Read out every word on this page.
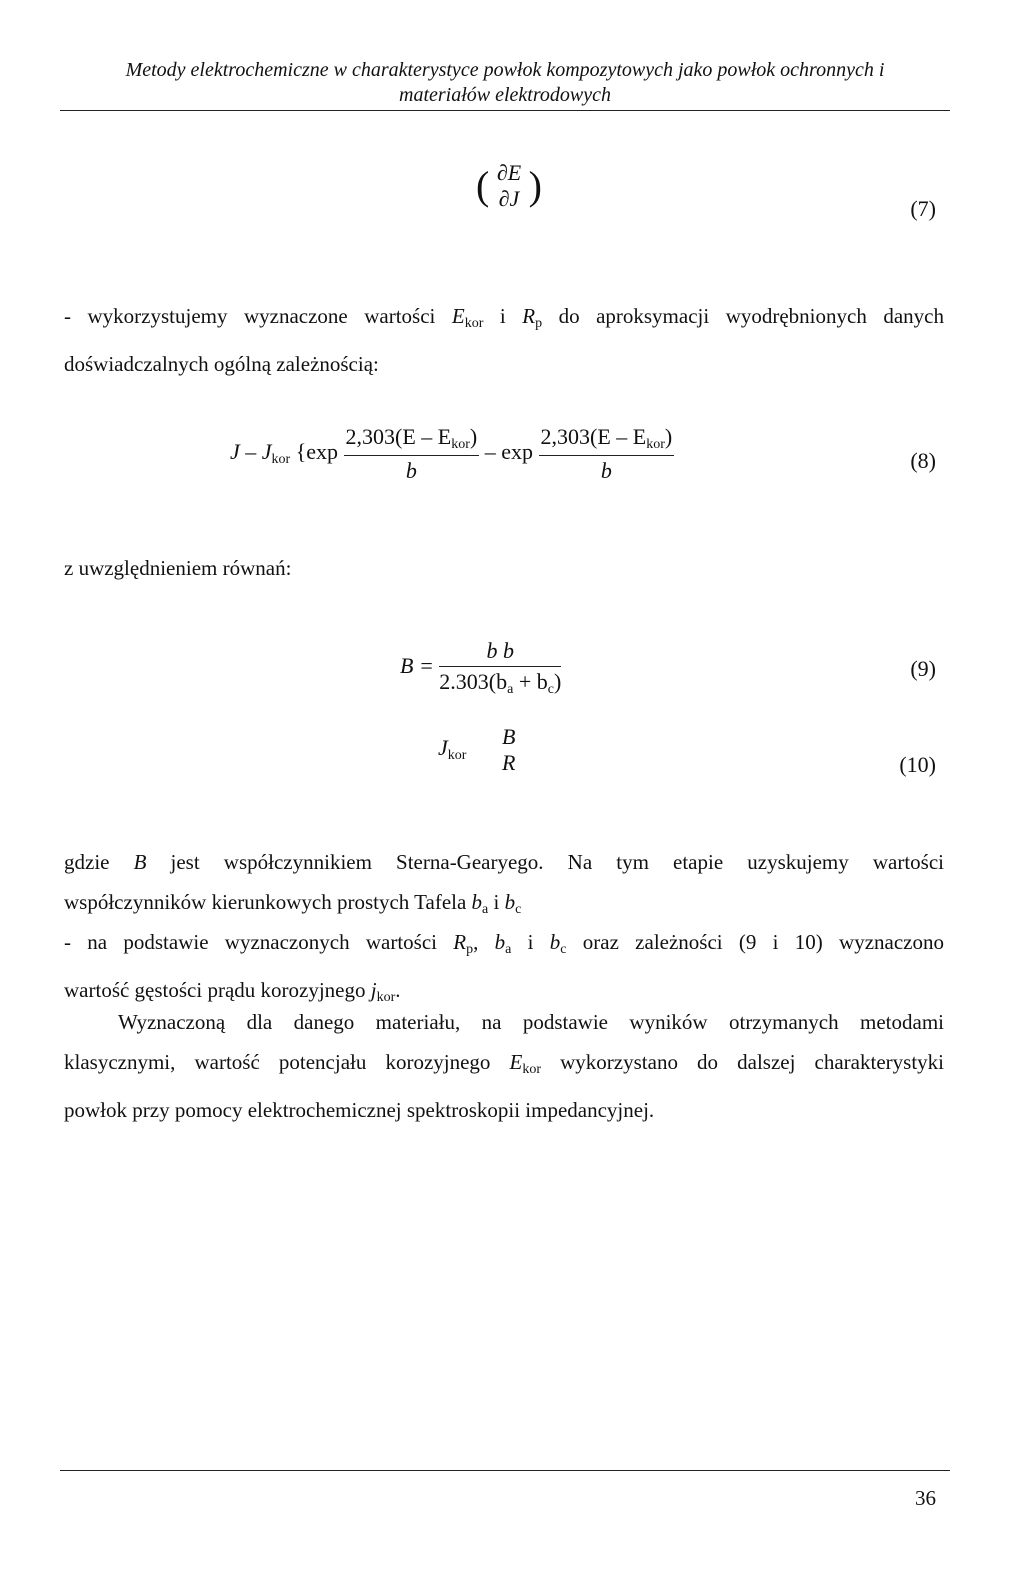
Metody elektrochemiczne w charakterystyce powłok kompozytowych jako powłok ochronnych i
materiałów elektrodowych
( ∂E
∂J )
(7)
- wykorzystujemy wyznaczone wartości $E_{kor}$ i $R_p$ do aproksymacji wyodrębnionych danych
doświadczalnych ogólną zależnością:
J – $J_{kor}$ {$\exp \frac{2,303(E - E_{kor})}{b}$ – $\exp \frac{2,303(E - E_{kor})}{b}$	(8)
z uwzględnieniem równań:
$B = \frac{\text{b b}}{2.303(b_a + b_c)}$	(9)
$J_{kor}$
B
R	(10)
gdzie B jest współczynnikiem Sterna-Gearyego. Na tym etapie uzyskujemy wartości
współczynników kierunkowych prostych Tafela $b_a$ i $b_c$
- na podstawie wyznaczonych wartości $R_p$, $b_a$ i $b_c$ oraz zależności (9 i 10) wyznaczono
wartość gęstości prądu korozyjnego $j_{kor}$.
Wyznaczoną dla danego materiału, na podstawie wyników otrzymanych metodami
klasycznymi, wartość potencjału korozyjnego $E_{kor}$ wykorzystano do dalszej charakterystyki
powłok przy pomocy elektrochemicznej spektroskopii impedancyjnej.
36
